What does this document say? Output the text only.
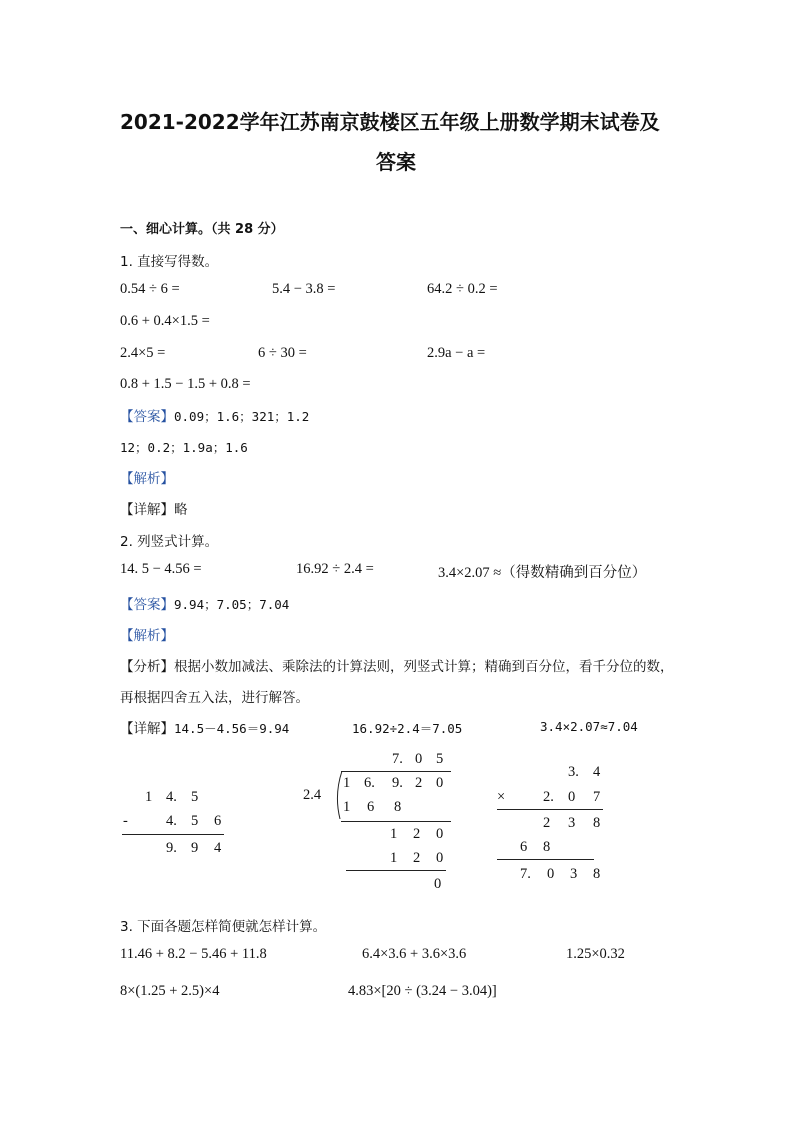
2021-2022学年江苏南京鼓楼区五年级上册数学期末试卷及
答案
一、细心计算。（共 28 分）
1. 直接写得数。
0.54 ÷ 6 =	5.4 − 3.8 =	64.2 ÷ 0.2 =
0.6 + 0.4×1.5 =
2.4×5 =	6 ÷ 30 =	2.9a − a =
0.8 + 1.5 − 1.5 + 0.8 =
【答案】0.09；1.6；321；1.2
12；0.2；1.9a；1.6
【解析】
【详解】略
2. 列竖式计算。
14. 5 − 4.56 =	16.92 ÷ 2.4 =	3.4×2.07 ≈（得数精确到百分位）
【答案】9.94；7.05；7.04
【解析】
【分析】根据小数加减法、乘除法的计算法则，列竖式计算；精确到百分位，看千分位的数，
再根据四舍五入法，进行解答。
【详解】14.5－4.56＝9.94	16.92÷2.4＝7.05	3.4×2.07≈7.04
1 4. 5
-	4. 5 6
9. 9 4
7. 0 5
2.4
1 6. 9. 2 0
1 6 8
1 2 0
1 2 0
0
3. 4
×	2. 0 7
2 3 8
6 8
7. 0 3 8
3. 下面各题怎样简便就怎样计算。
11.46 + 8.2 − 5.46 + 11.8	6.4×3.6 + 3.6×3.6	1.25×0.32
8×(1.25 + 2.5)×4	4.83×[20 ÷ (3.24 − 3.04)]
